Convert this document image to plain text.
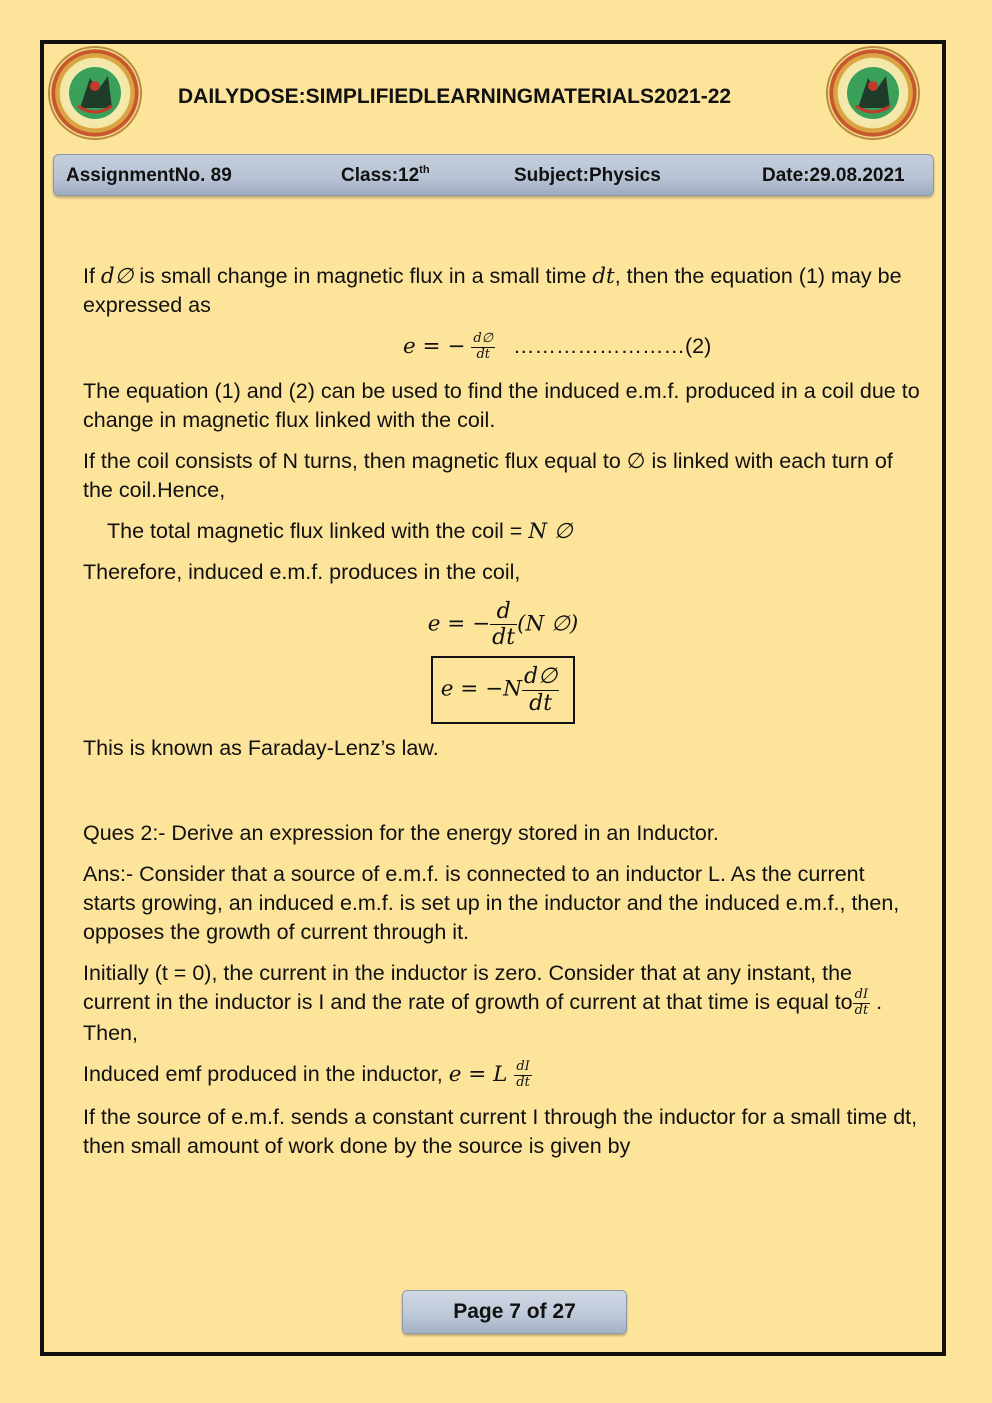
DAILYDOSE:SIMPLIFIEDLEARNINGMATERIALS2021-22
AssignmentNo. 89	Class:12th	Subject:Physics	Date:29.08.2021

If d∅ is small change in magnetic flux in a small time dt, then the equation (1) may be expressed as

e = − $\frac{d\emptyset}{dt}$ ……………………(2)

The equation (1) and (2) can be used to find the induced e.m.f. produced in a coil due to change in magnetic flux linked with the coil.

If the coil consists of N turns, then magnetic flux equal to ∅ is linked with each turn of the coil.Hence,

The total magnetic flux linked with the coil = N ∅

Therefore, induced e.m.f. produces in the coil,

e = − $\frac{d}{dt} (N$ ∅)
$e = -N \frac{d\emptyset}{dt}$

This is known as Faraday-Lenz’s law.

Ques 2:- Derive an expression for the energy stored in an Inductor.

Ans:- Consider that a source of e.m.f. is connected to an inductor L. As the current starts growing, an induced e.m.f. is set up in the inductor and the induced e.m.f., then, opposes the growth of current through it.

Initially (t = 0), the current in the inductor is zero. Consider that at any instant, the current in the inductor is I and the rate of growth of current at that time is equal to $\frac{dI}{dt}$ . Then,

Induced emf produced in the inductor, e = L $\frac{dI}{dt}$

If the source of e.m.f. sends a constant current I through the inductor for a small time dt, then small amount of work done by the source is given by

Page 7 of 27
